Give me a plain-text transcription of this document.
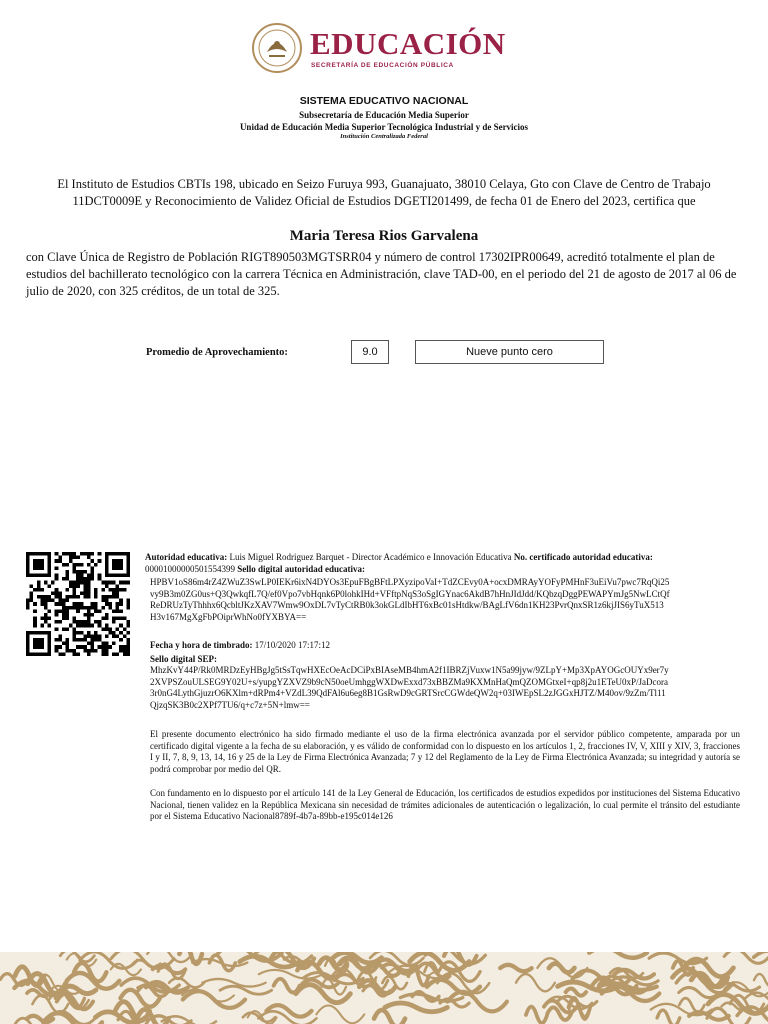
EDUCACIÓN
SECRETARÍA DE EDUCACIÓN PÚBLICA
SISTEMA EDUCATIVO NACIONAL
Subsecretaría de Educación Media Superior
Unidad de Educación Media Superior Tecnológica Industrial y de Servicios
Institución Centralizada Federal
El Instituto de Estudios CBTIs 198, ubicado en Seizo Furuya 993, Guanajuato, 38010 Celaya, Gto con Clave de Centro de Trabajo 11DCT0009E y Reconocimiento de Validez Oficial de Estudios DGETI201499, de fecha 01 de Enero del 2023, certifica que
Maria Teresa Rios Garvalena
con Clave Única de Registro de Población RIGT890503MGTSRR04 y número de control 17302IPR00649, acreditó totalmente el plan de estudios del bachillerato tecnológico con la carrera Técnica en Administración, clave TAD-00, en el periodo del 21 de agosto de 2017 al 06 de julio de 2020, con 325 créditos, de un total de 325.
Promedio de Aprovechamiento:	9.0	Nueve punto cero
Autoridad educativa: Luis Miguel Rodriguez Barquet - Director Académico e Innovación Educativa No. certificado autoridad educativa: 00001000000501554399 Sello digital autoridad educativa:
HPBV1oS86m4rZ4ZWuZ3SwLP0IEKr6ixN4DYOs3EpuFBgBFtLPXyzipoVaI+TdZCEvy0A+ocxDMRAyYOFyPMHnF3uEiVu7pwc7RqQi25vy9B3m0ZG0us+Q3QwkqfL7Q/ef0Vpo7vbHqnk6P0lohkIHd+VFftpNqS3oSgIGYnac6AkdB7hHnJIdJdd/KQbzqDggPEWAPYmJg5NwLCtQfReDRUzTyThhhx6QcbltJKzXAV7Wmw9OxDL7vTyCtRB0k3okGLdIbHT6xBc01sHtdkw/BAgLfV6dn1KH23PvrQnxSR1z6kjJIS6yTuX513H3v167MgXgFbPOiprWhNo0fYXBYA==
Fecha y hora de timbrado: 17/10/2020 17:17:12
Sello digital SEP:
MhzKvY44P/Rk0MRDzEyHBgJg5tSsTqwHXEcOeAcDCiPxBIAseMB4hmA2f1IBRZjVuxw1N5a99jyw/9ZLpY+Mp3XpAYOGcOUYx9er7y2XVPSZouULSEG9Y02U+s/yupgYZXVZ9b9cN50oeUmhggWXDwExxd73xBBZMa9KXMnHaQmQZOMGtxeI+qp8j2u1ETeU0xP/JaDcora3r0nG4LythGjuzrO6KXlm+dRPm4+VZdL39QdFAl6u6eg8B1GsRwD9cGRTSrcCGWdeQW2q+03IWEpSL2zJGGxHJTZ/M40ov/9zZm/Tl11QjzqSK3B0c2XPf7TU6/q+c7z+5N+lmw==
El presente documento electrónico ha sido firmado mediante el uso de la firma electrónica avanzada por el servidor público competente, amparada por un certificado digital vigente a la fecha de su elaboración, y es válido de conformidad con lo dispuesto en los artículos 1, 2, fracciones IV, V, XIII y XIV, 3, fracciones I y II, 7, 8, 9, 13, 14, 16 y 25 de la Ley de Firma Electrónica Avanzada; 7 y 12 del Reglamento de la Ley de Firma Electrónica Avanzada; su integridad y autoría se podrá comprobar por medio del QR.
Con fundamento en lo dispuesto por el artículo 141 de la Ley General de Educación, los certificados de estudios expedidos por instituciones del Sistema Educativo Nacional, tienen validez en la República Mexicana sin necesidad de trámites adicionales de autenticación o legalización, lo cual permite el tránsito del estudiante por el Sistema Educativo Nacional8789f-4b7a-89bb-e195c014e126
